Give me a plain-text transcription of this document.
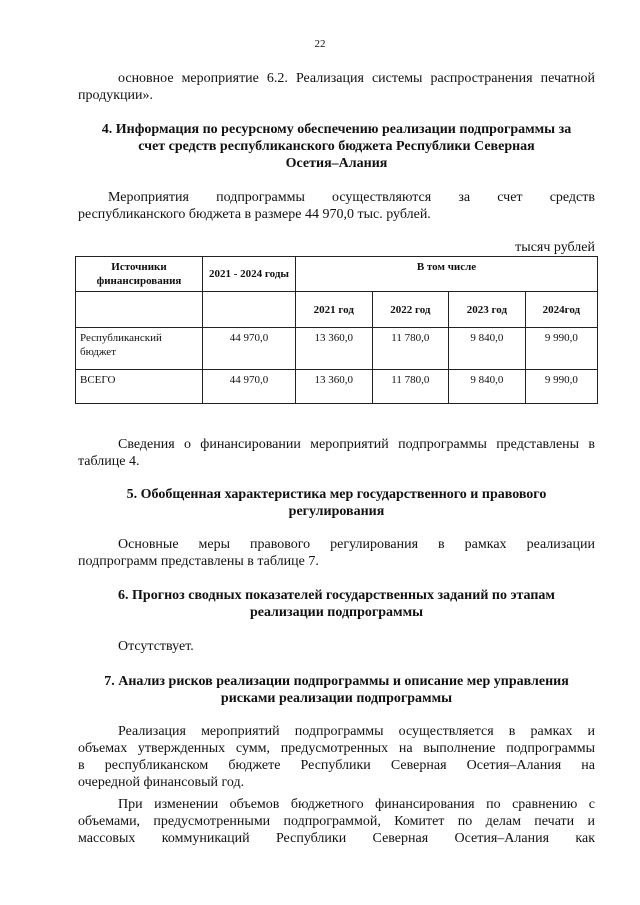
22
основное мероприятие 6.2. Реализация системы распространения печатной
продукции».
4. Информация по ресурсному обеспечению реализации подпрограммы за
счет средств республиканского бюджета Республики Северная
Осетия–Алания
Мероприятия подпрограммы осуществляются за счет средств
республиканского бюджета в размере 44 970,0 тыс. рублей.
тысяч рублей
Источники финансирования	2021 - 2024 годы	В том числе			
		2021 год	2022 год	2023 год	2024год
Республиканский бюджет	44 970,0	13 360,0	11 780,0	9 840,0	9 990,0
ВСЕГО	44 970,0	13 360,0	11 780,0	9 840,0	9 990,0
Сведения о финансировании мероприятий подпрограммы представлены в
таблице 4.
5. Обобщенная характеристика мер государственного и правового
регулирования
Основные меры правового регулирования в рамках реализации
подпрограмм представлены в таблице 7.
6. Прогноз сводных показателей государственных заданий по этапам
реализации подпрограммы
Отсутствует.
7. Анализ рисков реализации подпрограммы и описание мер управления
рисками реализации подпрограммы
Реализация мероприятий подпрограммы осуществляется в рамках и
объемах утвержденных сумм, предусмотренных на выполнение подпрограммы
в республиканском бюджете Республики Северная Осетия–Алания на
очередной финансовый год.
При изменении объемов бюджетного финансирования по сравнению с
объемами, предусмотренными подпрограммой, Комитет по делам печати и
массовых коммуникаций Республики Северная Осетия–Алания как
